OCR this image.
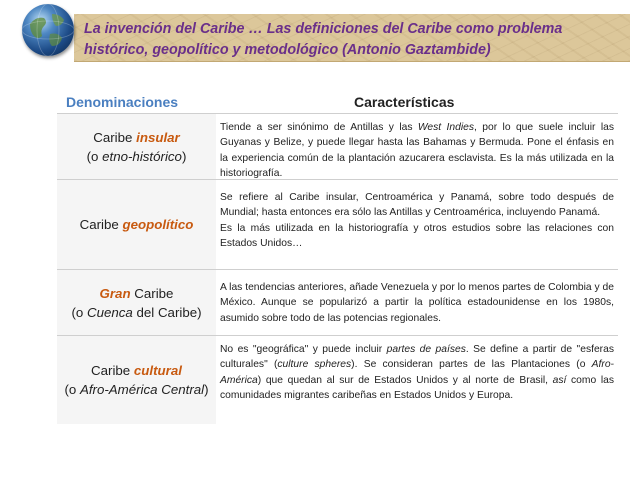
La invención del Caribe … Las definiciones del Caribe como problema
histórico, geopolítico y metodológico (Antonio Gaztambide)
Denominaciones	Características
Caribe insular
(o etno-histórico)

Tiende a ser sinónimo de Antillas y las West Indies, por lo que suele incluir las Guyanas y Belize, y puede llegar hasta las Bahamas y Bermuda. Pone el énfasis en la experiencia común de la plantación azucarera esclavista. Es la más utilizada en la historiografía.

Caribe geopolítico

Se refiere al Caribe insular, Centroamérica y Panamá, sobre todo después de Mundial; hasta entonces era sólo las Antillas y Centroamérica, incluyendo Panamá.

Es la más utilizada en la historiografía y otros estudios sobre las relaciones con Estados Unidos…

Gran Caribe
(o Cuenca del Caribe)

A las tendencias anteriores, añade Venezuela y por lo menos partes de Colombia y de México. Aunque se popularizó a partir la política estadounidense en los 1980s, asumido sobre todo de las potencias regionales.

Caribe cultural
(o Afro-América Central)

No es "geográfica" y puede incluir partes de países. Se define a partir de "esferas culturales" (culture spheres). Se consideran partes de las Plantaciones (o Afro-América) que quedan al sur de Estados Unidos y al norte de Brasil, así como las comunidades migrantes caribeñas en Estados Unidos y Europa.
